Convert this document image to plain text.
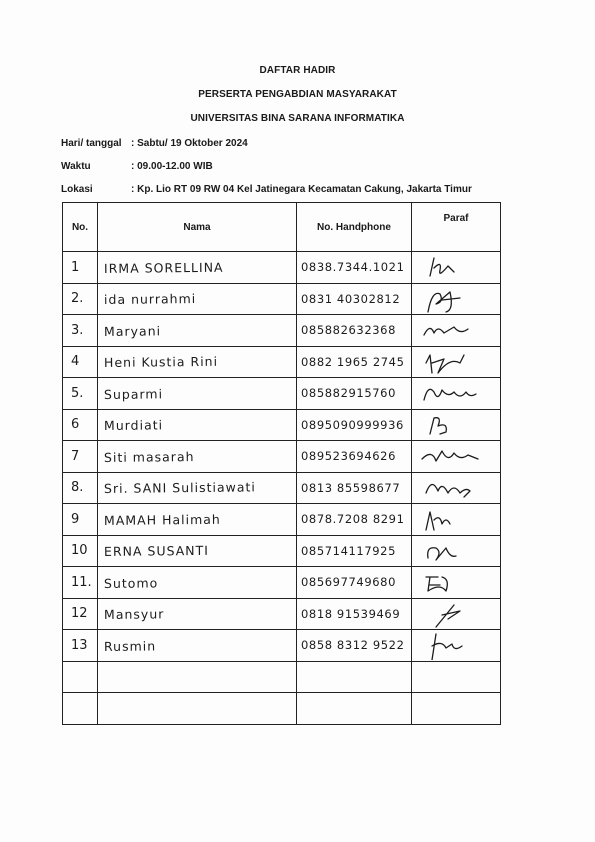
DAFTAR HADIR
PERSERTA PENGABDIAN MASYARAKAT
UNIVERSITAS BINA SARANA INFORMATIKA
Hari/ tanggal : Sabtu/ 19 Oktober 2024
Waktu	: 09.00-12.00 WIB
Lokasi	: Kp. Lio RT 09 RW 04 Kel Jatinegara Kecamatan Cakung, Jakarta Timur
No.	Nama	No. Handphone	Paraf

1	IRMA SORELLINA	0838.7344.1021

2.	ida nurrahmi	0831 40302812

3.	Maryani	085882632368

4	Heni Kustia Rini	0882 1965 2745

5.	Suparmi	085882915760

6	Murdiati	0895090999936

7	Siti masarah	089523694626

8.	Sri. SANI Sulistiawati	0813 85598677

9	MAMAH Halimah	0878.7208 8291

10	ERNA SUSANTI	085714117925

11.	Sutomo	085697749680

12	Mansyur	0818 91539469

13	Rusmin	0858 8312 9522
